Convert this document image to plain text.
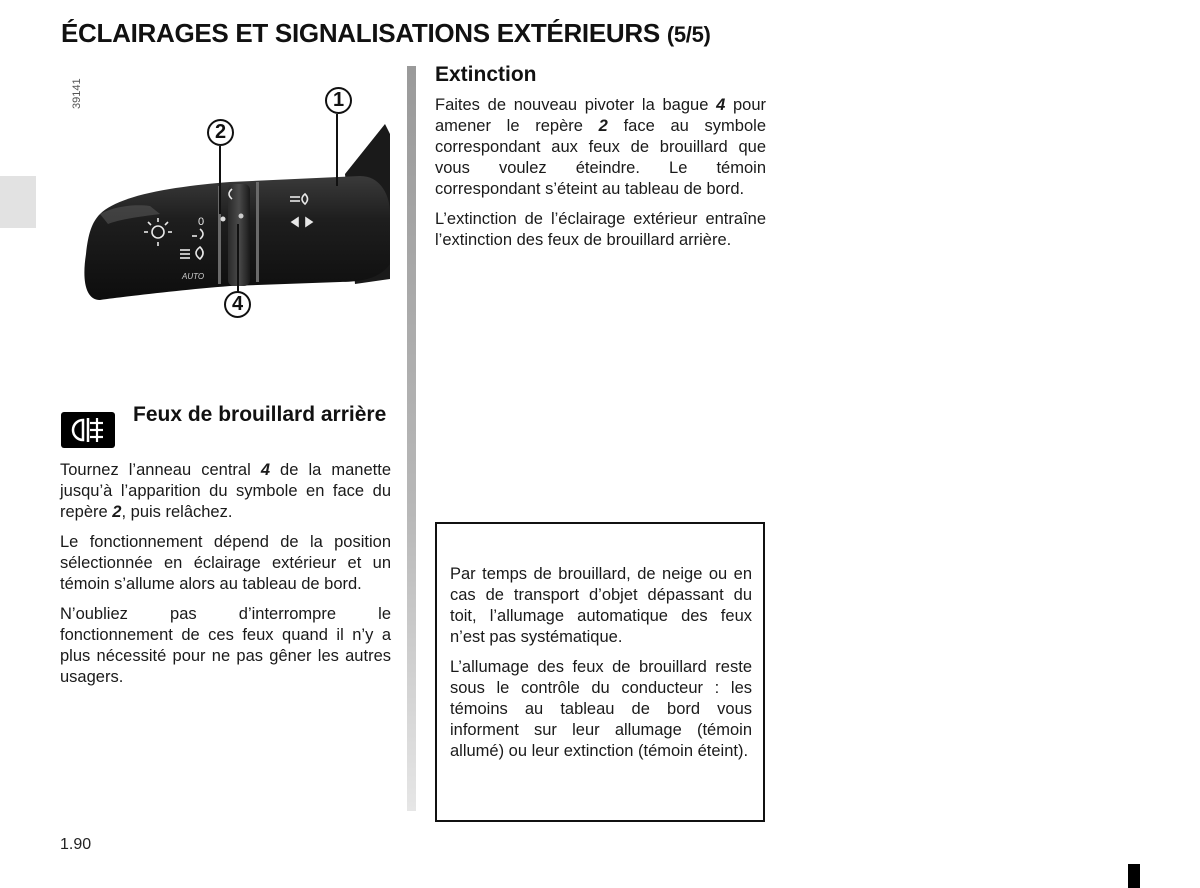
ÉCLAIRAGES ET SIGNALISATIONS EXTÉRIEURS (5/5)
0
AUTO
39141	1
2
4
Feux de brouillard arrière

Tournez l’anneau central 4 de la manette jusqu’à l’apparition du symbole en face du repère 2, puis relâchez.

Le fonctionnement dépend de la position sélectionnée en éclairage extérieur et un témoin s’allume alors au tableau de bord.

N’oubliez pas d’interrompre le fonctionnement de ces feux quand il n’y a plus nécessité pour ne pas gêner les autres usagers.

Extinction

Faites de nouveau pivoter la bague 4 pour amener le repère 2 face au symbole correspondant aux feux de brouillard que vous voulez éteindre. Le témoin correspondant s’éteint au tableau de bord.

L’extinction de l’éclairage extérieur entraîne l’extinction des feux de brouillard arrière.

Par temps de brouillard, de neige ou en cas de transport d’objet dépassant du toit, l’allumage automatique des feux n’est pas systématique.

L’allumage des feux de brouillard reste sous le contrôle du conducteur : les témoins au tableau de bord vous informent sur leur allumage (témoin allumé) ou leur extinction (témoin éteint).

1.90
